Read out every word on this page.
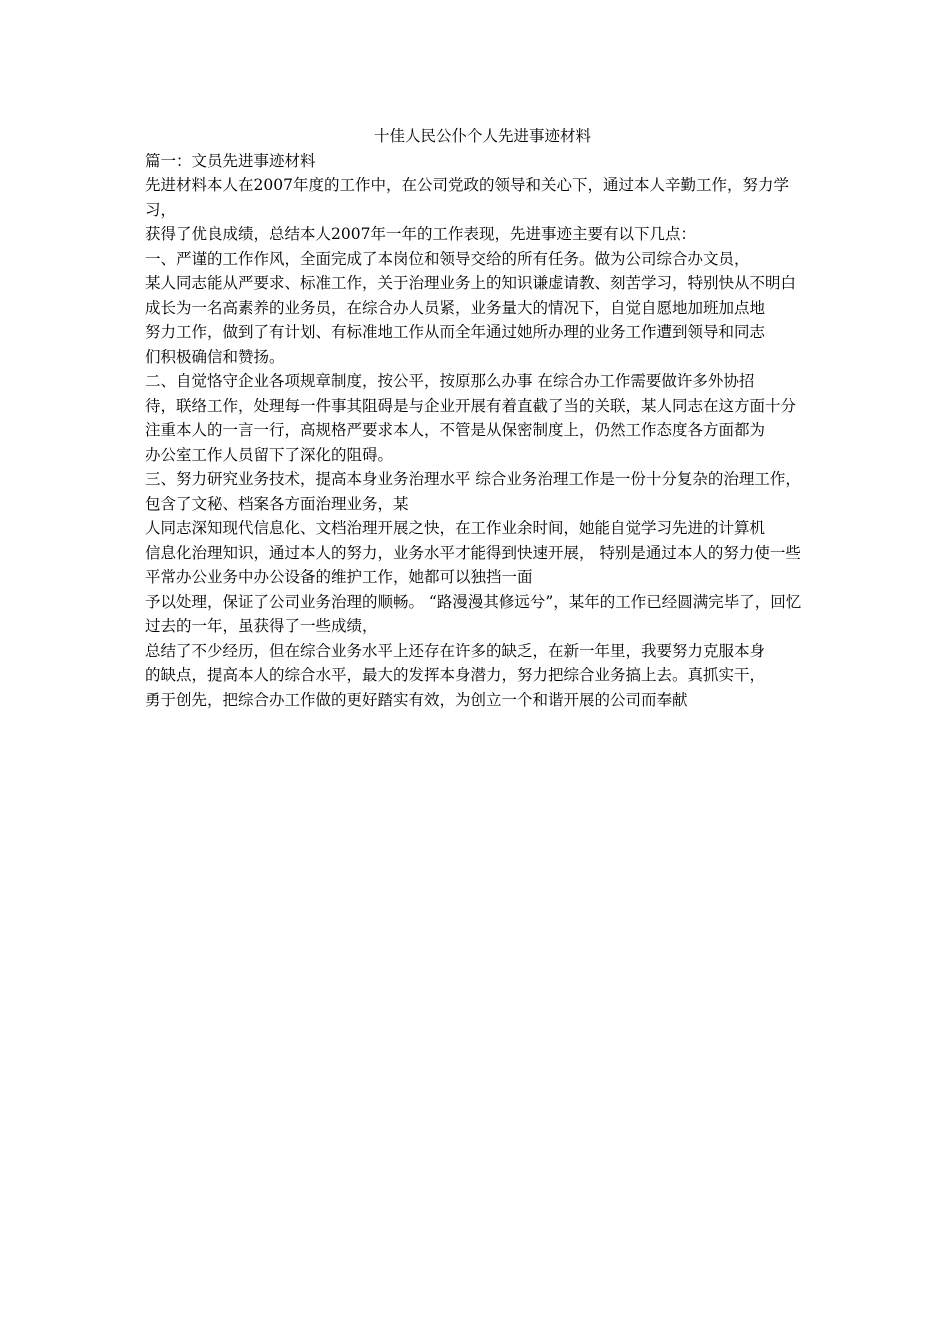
十佳人民公仆个人先进事迹材料
篇一：文员先进事迹材料
先进材料本人在2007年度的工作中，在公司党政的领导和关心下，通过本人辛勤工作，努力学习，
获得了优良成绩，总结本人2007年一年的工作表现，先进事迹主要有以下几点：
一、严谨的工作作风，全面完成了本岗位和领导交给的所有任务。做为公司综合办文员，
某人同志能从严要求、标准工作，关于治理业务上的知识谦虚请教、刻苦学习，特别快从不明白
成长为一名高素养的业务员，在综合办人员紧，业务量大的情况下，自觉自愿地加班加点地
努力工作，做到了有计划、有标准地工作从而全年通过她所办理的业务工作遭到领导和同志
们积极确信和赞扬。
二、自觉恪守企业各项规章制度，按公平，按原那么办事 在综合办工作需要做许多外协招
待，联络工作，处理每一件事其阻碍是与企业开展有着直截了当的关联，某人同志在这方面十分
注重本人的一言一行，高规格严要求本人，不管是从保密制度上，仍然工作态度各方面都为
办公室工作人员留下了深化的阻碍。
三、努力研究业务技术，提高本身业务治理水平 综合业务治理工作是一份十分复杂的治理工作，包含了文秘、档案各方面治理业务，某
人同志深知现代信息化、文档治理开展之快，在工作业余时间，她能自觉学习先进的计算机
信息化治理知识，通过本人的努力，业务水平才能得到快速开展， 特别是通过本人的努力使一些平常办公业务中办公设备的维护工作，她都可以独挡一面
予以处理，保证了公司业务治理的顺畅。 “路漫漫其修远兮”，某年的工作已经圆满完毕了，回忆过去的一年，虽获得了一些成绩，
总结了不少经历，但在综合业务水平上还存在许多的缺乏，在新一年里，我要努力克服本身
的缺点，提高本人的综合水平，最大的发挥本身潜力，努力把综合业务搞上去。真抓实干，
勇于创先，把综合办工作做的更好踏实有效，为创立一个和谐开展的公司而奉献
